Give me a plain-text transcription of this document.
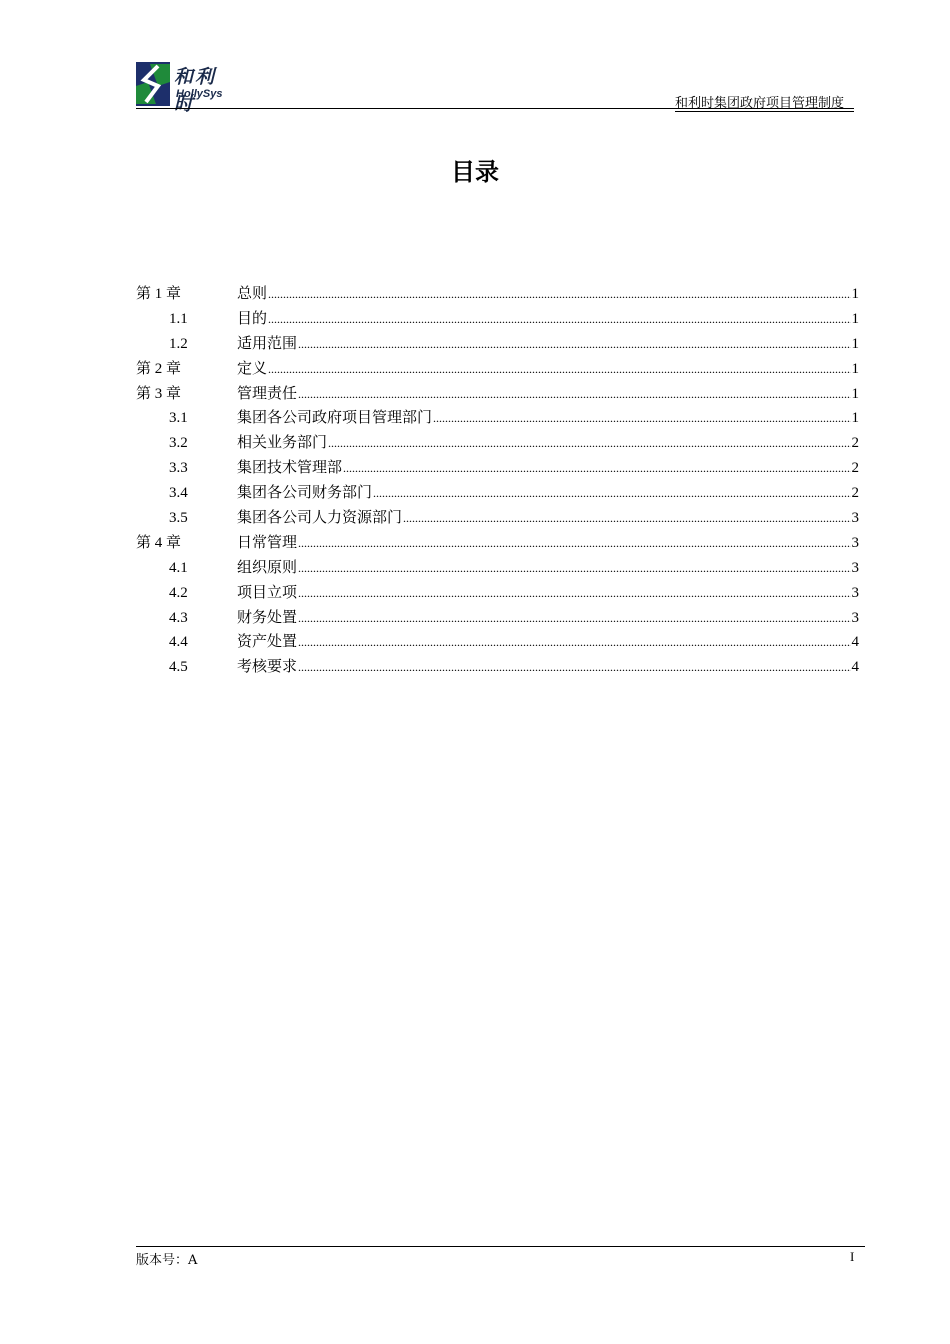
和利时
HollySys
和利时集团政府项目管理制度
目录
第 1 章	总则 .....	1
1.1	目的 .....	1
1.2	适用范围 .....	1
第 2 章	定义 .....	1
第 3 章	管理责任 .....	1
3.1	集团各公司政府项目管理部门 .....	1
3.2	相关业务部门 .....	2
3.3	集团技术管理部 .....	2
3.4	集团各公司财务部门 .....	2
3.5	集团各公司人力资源部门 .....	3
第 4 章	日常管理 .....	3
4.1	组织原则 .....	3
4.2	项目立项 .....	3
4.3	财务处置 .....	3
4.4	资产处置 .....	4
4.5	考核要求 .....	4
版本号：A	I
